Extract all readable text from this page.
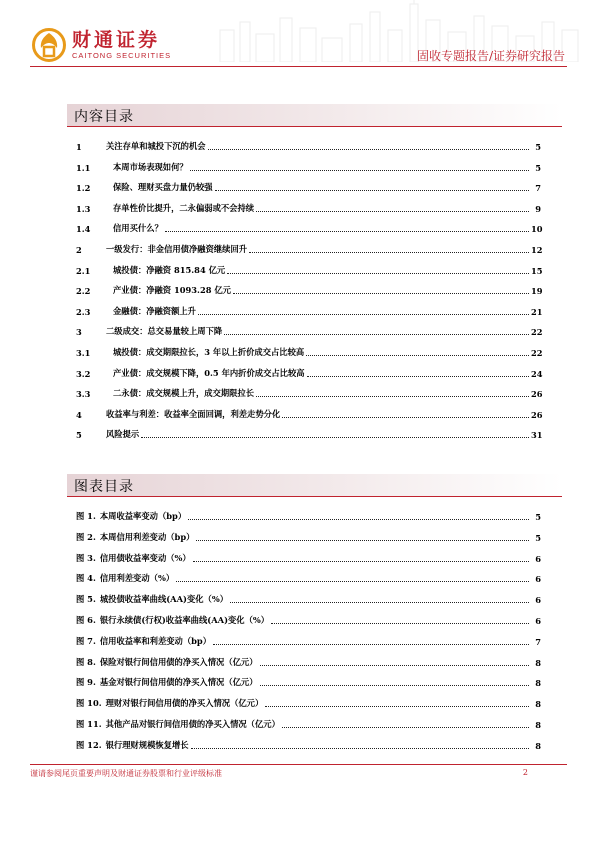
财通证券
CAITONG SECURITIES	固收专题报告/证券研究报告
内容目录
1	关注存单和城投下沉的机会	5
1.1	本周市场表现如何？	5
1.2	保险、理财买盘力量仍较强	7
1.3	存单性价比提升，二永偏弱或不会持续	9
1.4	信用买什么？	10
2	一级发行：非金信用债净融资继续回升	12
2.1	城投债：净融资 815.84 亿元	15
2.2	产业债：净融资 1093.28 亿元	19
2.3	金融债：净融资额上升	21
3	二级成交：总交易量较上周下降	22
3.1	城投债：成交期限拉长，3 年以上折价成交占比较高	22
3.2	产业债：成交规模下降，0.5 年内折价成交占比较高	24
3.3	二永债：成交规模上升，成交期限拉长	26
4	收益率与利差：收益率全面回调，利差走势分化	26
5	风险提示	31
图表目录
图 1. 本周收益率变动（bp）	5
图 2. 本周信用利差变动（bp）	5
图 3. 信用债收益率变动（%）	6
图 4. 信用利差变动（%）	6
图 5. 城投债收益率曲线(AA)变化（%）	6
图 6. 银行永续债(行权)收益率曲线(AA)变化（%）	6
图 7. 信用收益率和利差变动（bp）	7
图 8. 保险对银行间信用债的净买入情况（亿元）	8
图 9. 基金对银行间信用债的净买入情况（亿元）	8
图 10. 理财对银行间信用债的净买入情况（亿元）	8
图 11. 其他产品对银行间信用债的净买入情况（亿元）	8
图 12. 银行理财规模恢复增长	8
谨请参阅尾页重要声明及财通证券股票和行业评级标准	2
